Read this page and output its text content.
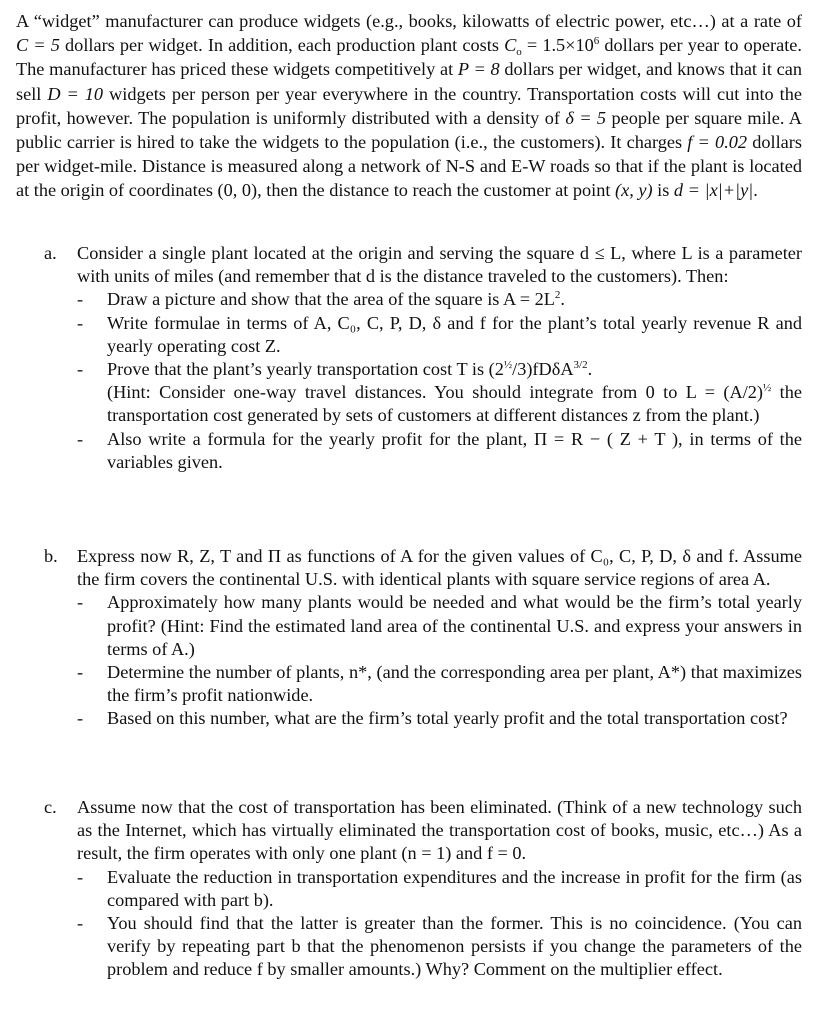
A “widget” manufacturer can produce widgets (e.g., books, kilowatts of electric power, etc…) at a rate of C = 5 dollars per widget. In addition, each production plant costs $C_o = 1.5\times 10^6$ dollars per year to operate. The manufacturer has priced these widgets competitively at P = 8 dollars per widget, and knows that it can sell D = 10 widgets per person per year everywhere in the country. Transportation costs will cut into the profit, however. The population is uniformly distributed with a density of δ = 5 people per square mile. A public carrier is hired to take the widgets to the population (i.e., the customers). It charges f = 0.02 dollars per widget-mile. Distance is measured along a network of N-S and E-W roads so that if the plant is located at the origin of coordinates (0, 0), then the distance to reach the customer at point (x, y) is d = |x|+|y|.

a. Consider a single plant located at the origin and serving the square d ≤ L, where L is a parameter with units of miles (and remember that d is the distance traveled to the customers). Then:
- Draw a picture and show that the area of the square is $A = 2L^2$.
- Write formulae in terms of A, C₀, C, P, D, δ and f for the plant’s total yearly revenue R and yearly operating cost Z.
- Prove that the plant’s yearly transportation cost T is $(2^{\frac{1}{2}}/3)fD\delta A^{3/2}$.
(Hint: Consider one-way travel distances. You should integrate from 0 to $L = (A/2)^{\frac{1}{2}}$ the transportation cost generated by sets of customers at different distances z from the plant.)
- Also write a formula for the yearly profit for the plant, Π = R − ( Z + T ), in terms of the variables given.
b. Express now R, Z, T and Π as functions of A for the given values of C₀, C, P, D, δ and f. Assume the firm covers the continental U.S. with identical plants with square service regions of area A.
- Approximately how many plants would be needed and what would be the firm’s total yearly profit? (Hint: Find the estimated land area of the continental U.S. and express your answers in terms of A.)
- Determine the number of plants, n*, (and the corresponding area per plant, A*) that maximizes the firm’s profit nationwide.
- Based on this number, what are the firm’s total yearly profit and the total transportation cost?
c. Assume now that the cost of transportation has been eliminated. (Think of a new technology such as the Internet, which has virtually eliminated the transportation cost of books, music, etc…) As a result, the firm operates with only one plant (n = 1) and f = 0.
- Evaluate the reduction in transportation expenditures and the increase in profit for the firm (as compared with part b).
- You should find that the latter is greater than the former. This is no coincidence. (You can verify by repeating part b that the phenomenon persists if you change the parameters of the problem and reduce f by smaller amounts.) Why? Comment on the multiplier effect.
